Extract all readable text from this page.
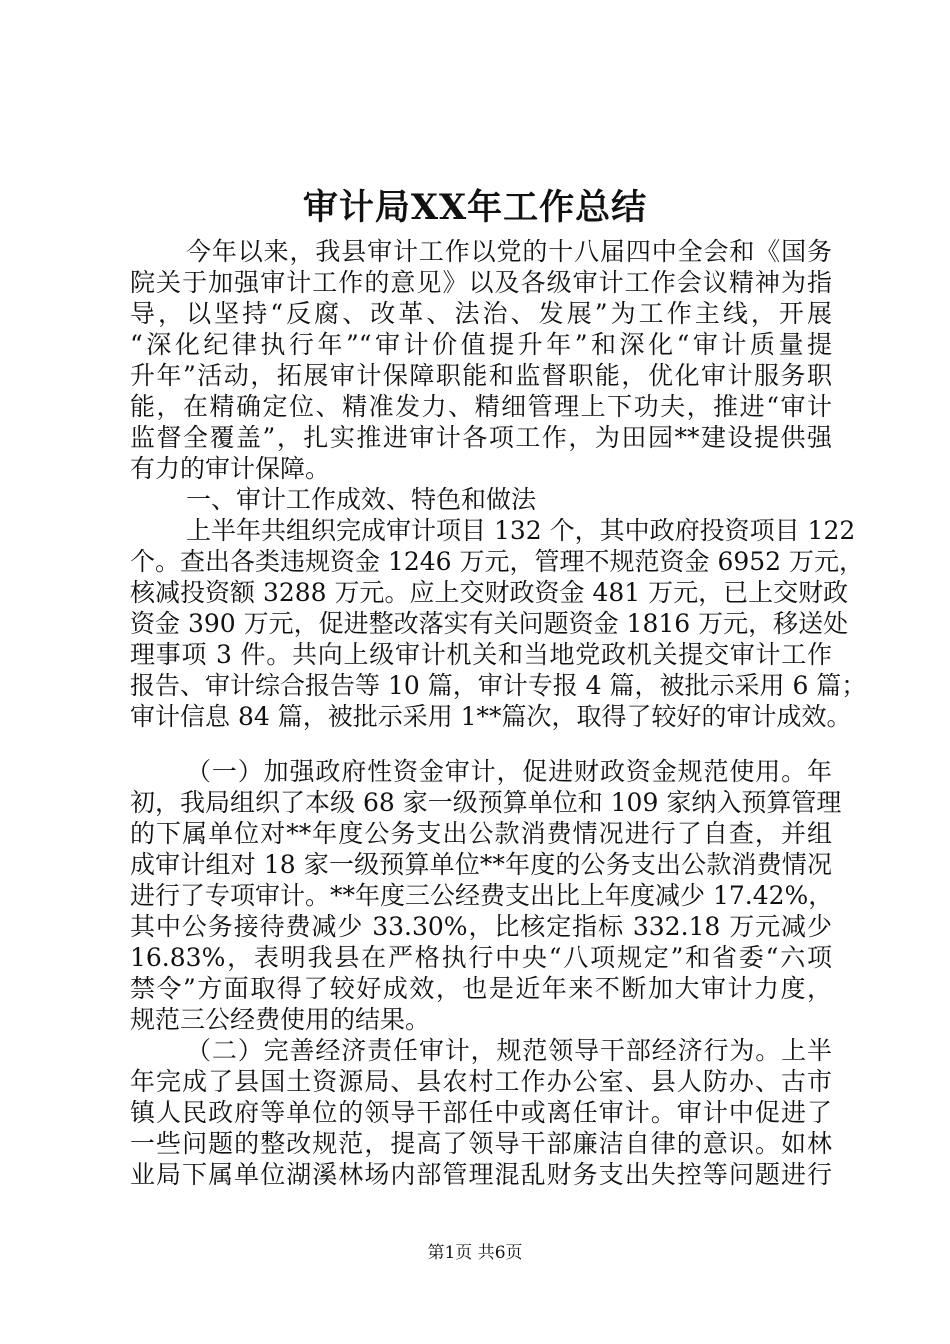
审计局XX年工作总结
今年以来，我县审计工作以党的十八届四中全会和《国务
院关于加强审计工作的意见》以及各级审计工作会议精神为指
导，以坚持“反腐、改革、法治、发展”为工作主线，开展
“深化纪律执行年”“审计价值提升年”和深化“审计质量提
升年”活动，拓展审计保障职能和监督职能，优化审计服务职
能，在精确定位、精准发力、精细管理上下功夫，推进“审计
监督全覆盖”，扎实推进审计各项工作，为田园**建设提供强
有力的审计保障。
一、审计工作成效、特色和做法
上半年共组织完成审计项目 132 个，其中政府投资项目 122
个。查出各类违规资金 1246 万元，管理不规范资金 6952 万元，
核减投资额 3288 万元。应上交财政资金 481 万元，已上交财政
资金 390 万元，促进整改落实有关问题资金 1816 万元，移送处
理事项 3 件。共向上级审计机关和当地党政机关提交审计工作
报告、审计综合报告等 10 篇，审计专报 4 篇，被批示采用 6 篇；
审计信息 84 篇，被批示采用 1**篇次，取得了较好的审计成效。
（一）加强政府性资金审计，促进财政资金规范使用。年
初，我局组织了本级 68 家一级预算单位和 109 家纳入预算管理
的下属单位对**年度公务支出公款消费情况进行了自查，并组
成审计组对 18 家一级预算单位**年度的公务支出公款消费情况
进行了专项审计。**年度三公经费支出比上年度减少 17.42%，
其中公务接待费减少 33.30%，比核定指标 332.18 万元减少
16.83%，表明我县在严格执行中央“八项规定”和省委“六项
禁令”方面取得了较好成效，也是近年来不断加大审计力度，
规范三公经费使用的结果。
（二）完善经济责任审计，规范领导干部经济行为。上半
年完成了县国土资源局、县农村工作办公室、县人防办、古市
镇人民政府等单位的领导干部任中或离任审计。审计中促进了
一些问题的整改规范，提高了领导干部廉洁自律的意识。如林
业局下属单位湖溪林场内部管理混乱财务支出失控等问题进行
第1页 共6页
